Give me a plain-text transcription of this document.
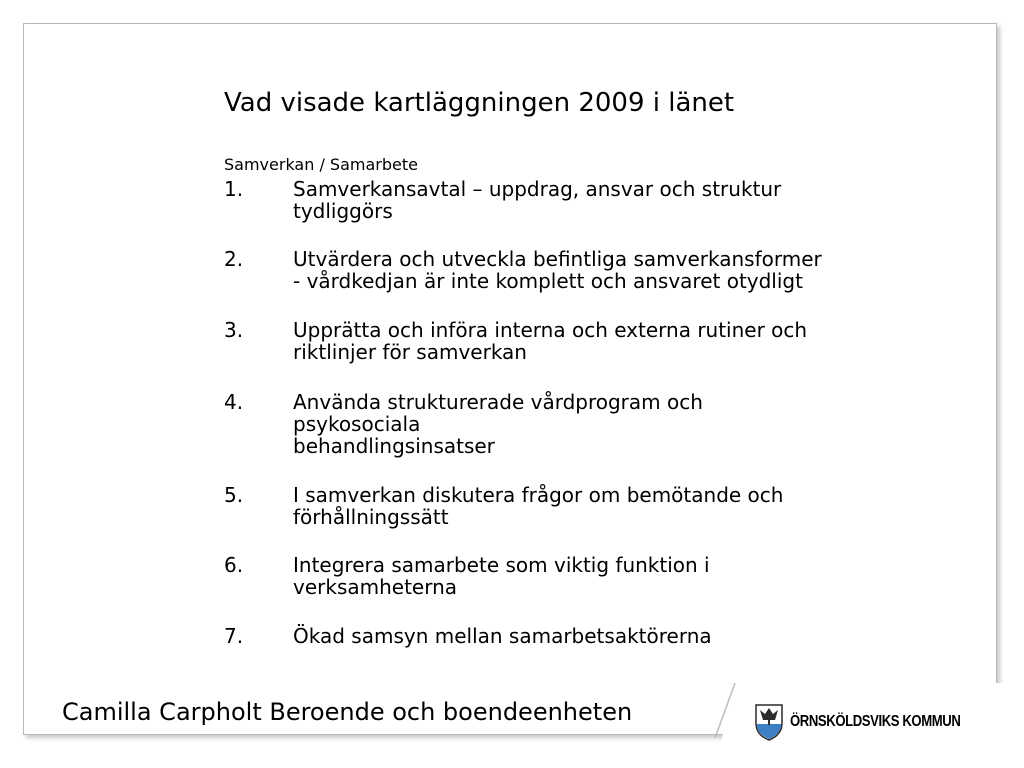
Vad visade kartläggningen 2009 i länet

Samverkan / Samarbete

1.	Samverkansavtal – uppdrag, ansvar och struktur
tydliggörs
2.	Utvärdera och utveckla befintliga samverkansformer
- vårdkedjan är inte komplett och ansvaret otydligt
3.	Upprätta och införa interna och externa rutiner och
riktlinjer för samverkan
4.	Använda strukturerade vårdprogram och
psykosociala
behandlingsinsatser
5.	I samverkan diskutera frågor om bemötande och
förhållningssätt
6.	Integrera samarbete som viktig funktion i
verksamheterna
7.	Ökad samsyn mellan samarbetsaktörerna
Camilla Carpholt Beroende och boendeenheten	ÖRNSKÖLDSVIKS KOMMUN
